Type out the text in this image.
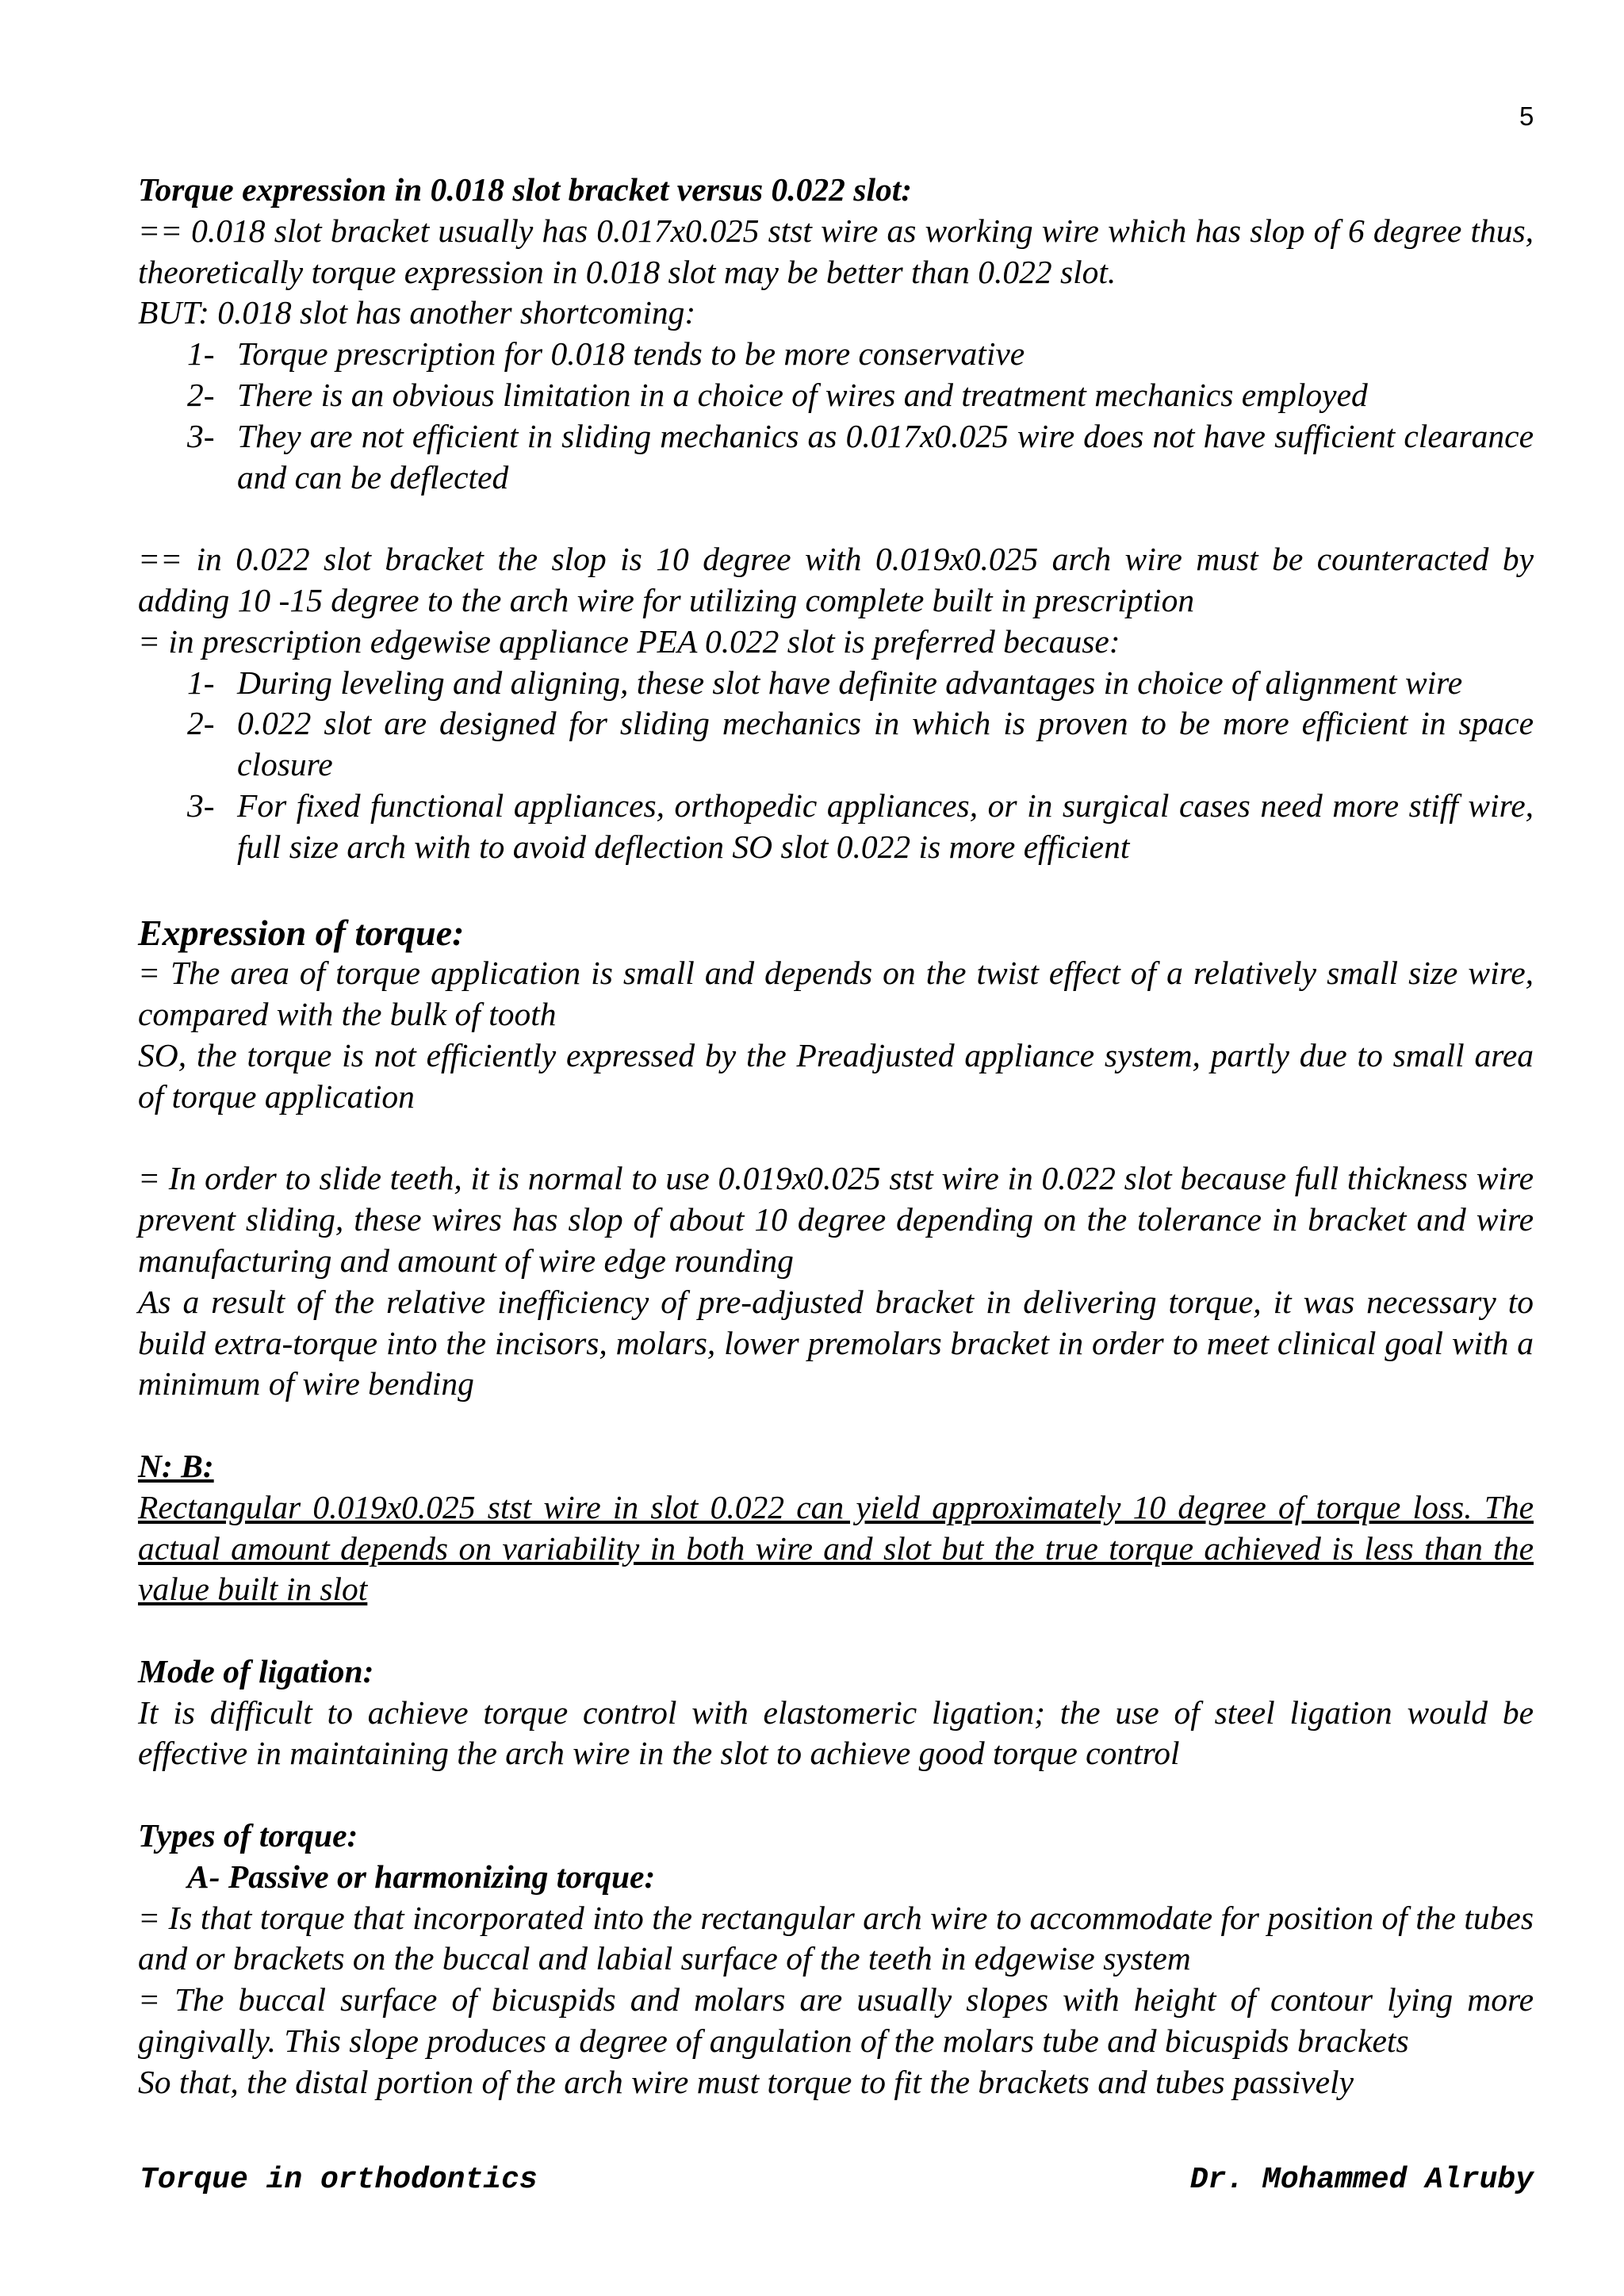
5

Torque expression in 0.018 slot bracket versus 0.022 slot:

== 0.018 slot bracket usually has 0.017x0.025 stst wire as working wire which has slop of 6 degree thus, theoretically torque expression in 0.018 slot may be better than 0.022 slot.

BUT: 0.018 slot has another shortcoming:

1- Torque prescription for 0.018 tends to be more conservative
2- There is an obvious limitation in a choice of wires and treatment mechanics employed
3- They are not efficient in sliding mechanics as 0.017x0.025 wire does not have sufficient clearance and can be deflected

== in 0.022 slot bracket the slop is 10 degree with 0.019x0.025 arch wire must be counteracted by adding 10 -15 degree to the arch wire for utilizing complete built in prescription

= in prescription edgewise appliance PEA 0.022 slot is preferred because:

1- During leveling and aligning, these slot have definite advantages in choice of alignment wire
2- 0.022 slot are designed for sliding mechanics in which is proven to be more efficient in space closure
3- For fixed functional appliances, orthopedic appliances, or in surgical cases need more stiff wire, full size arch with to avoid deflection SO slot 0.022 is more efficient

Expression of torque:

= The area of torque application is small and depends on the twist effect of a relatively small size wire, compared with the bulk of tooth

SO, the torque is not efficiently expressed by the Preadjusted appliance system, partly due to small area of torque application

= In order to slide teeth, it is normal to use 0.019x0.025 stst wire in 0.022 slot because full thickness wire prevent sliding, these wires has slop of about 10 degree depending on the tolerance in bracket and wire manufacturing and amount of wire edge rounding

As a result of the relative inefficiency of pre-adjusted bracket in delivering torque, it was necessary to build extra-torque into the incisors, molars, lower premolars bracket in order to meet clinical goal with a minimum of wire bending

N: B:

Rectangular 0.019x0.025 stst wire in slot 0.022 can yield approximately 10 degree of torque loss. The actual amount depends on variability in both wire and slot but the true torque achieved is less than the value built in slot

Mode of ligation:

It is difficult to achieve torque control with elastomeric ligation; the use of steel ligation would be effective in maintaining the arch wire in the slot to achieve good torque control

Types of torque:

A- Passive or harmonizing torque:

= Is that torque that incorporated into the rectangular arch wire to accommodate for position of the tubes and or brackets on the buccal and labial surface of the teeth in edgewise system

= The buccal surface of bicuspids and molars are usually slopes with height of contour lying more gingivally. This slope produces a degree of angulation of the molars tube and bicuspids brackets

So that, the distal portion of the arch wire must torque to fit the brackets and tubes passively

Torque in orthodontics	Dr. Mohammed Alruby
